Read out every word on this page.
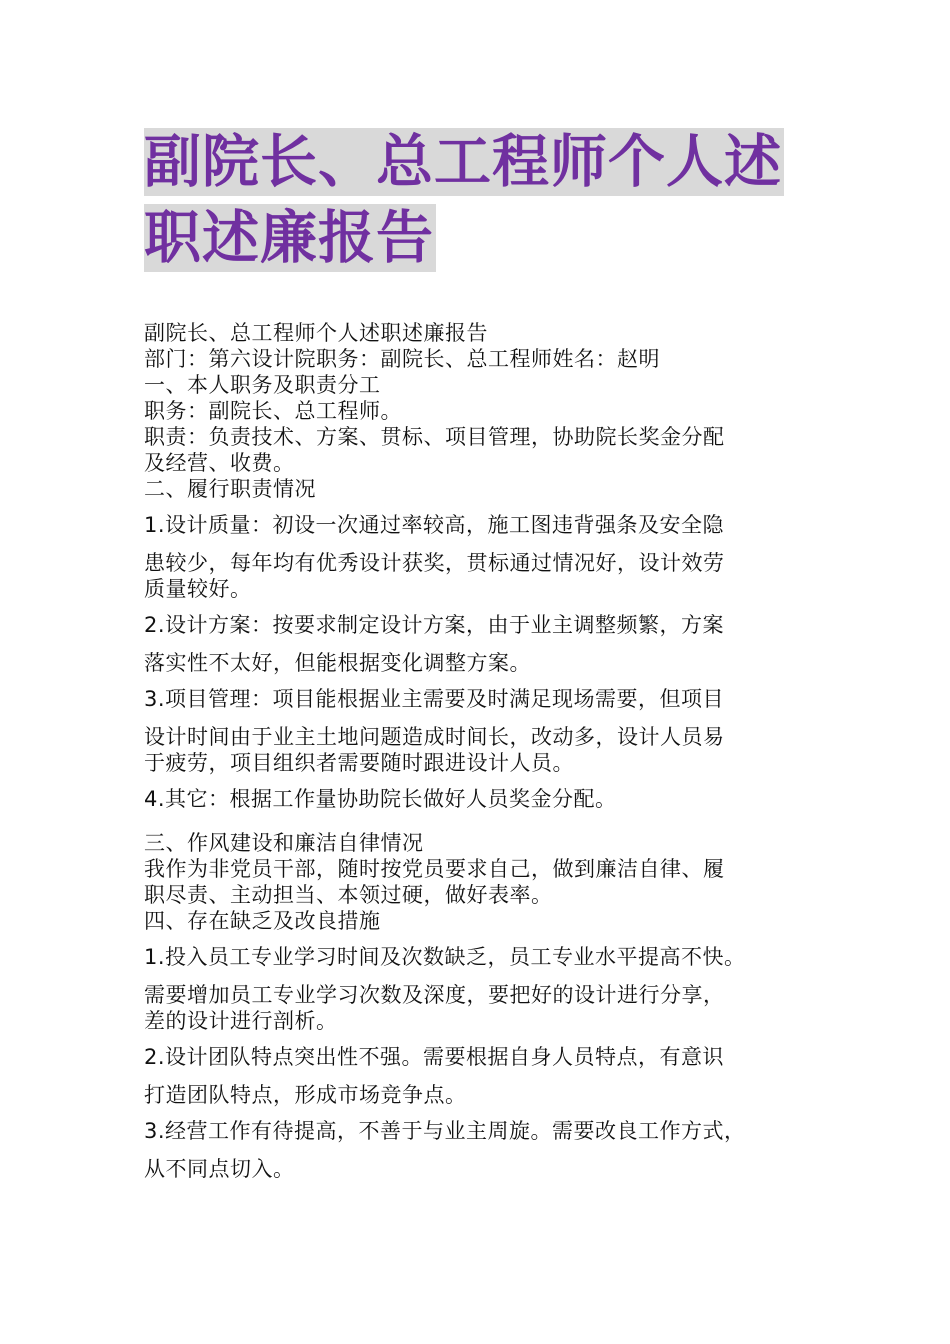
副院长、总工程师个人述
职述廉报告

副院长、总工程师个人述职述廉报告

部门：第六设计院职务：副院长、总工程师姓名：赵明

一、本人职务及职责分工

职务：副院长、总工程师。

职责：负责技术、方案、贯标、项目管理，协助院长奖金分配

及经营、收费。

二、履行职责情况

1.设计质量：初设一次通过率较高，施工图违背强条及安全隐
患较少，每年均有优秀设计获奖，贯标通过情况好，设计效劳
质量较好。
2.设计方案：按要求制定设计方案，由于业主调整频繁，方案
落实性不太好，但能根据变化调整方案。
3.项目管理：项目能根据业主需要及时满足现场需要，但项目
设计时间由于业主土地问题造成时间长，改动多，设计人员易
于疲劳，项目组织者需要随时跟进设计人员。
4.其它：根据工作量协助院长做好人员奖金分配。

三、作风建设和廉洁自律情况

我作为非党员干部，随时按党员要求自己，做到廉洁自律、履

职尽责、主动担当、本领过硬，做好表率。

四、存在缺乏及改良措施

1.投入员工专业学习时间及次数缺乏，员工专业水平提高不快。
需要增加员工专业学习次数及深度，要把好的设计进行分享，
差的设计进行剖析。
2.设计团队特点突出性不强。需要根据自身人员特点，有意识
打造团队特点，形成市场竞争点。
3.经营工作有待提高，不善于与业主周旋。需要改良工作方式，
从不同点切入。
